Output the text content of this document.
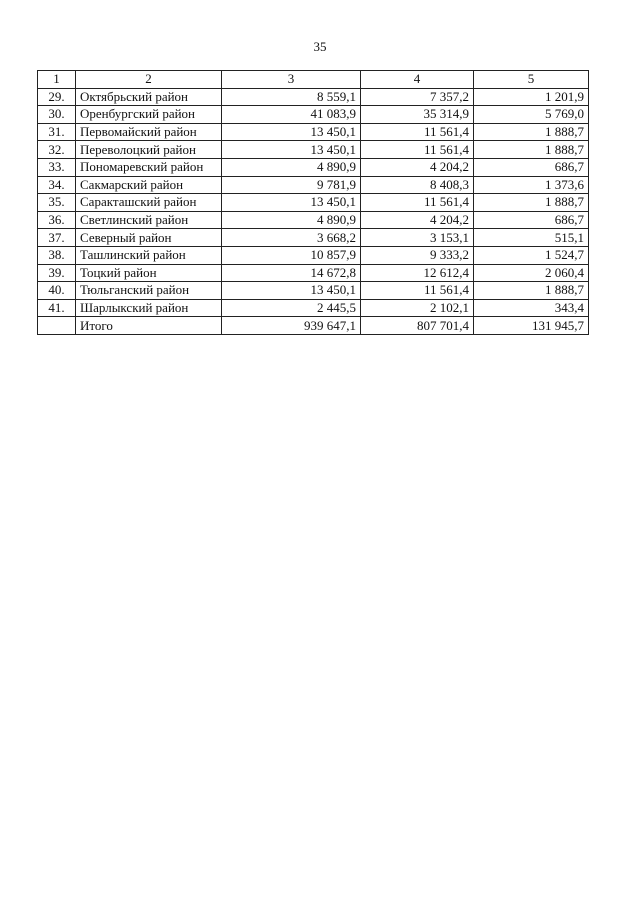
35
1	2	3	4	5
29.	Октябрьский район	8 559,1	7 357,2	1 201,9
30.	Оренбургский район	41 083,9	35 314,9	5 769,0
31.	Первомайский район	13 450,1	11 561,4	1 888,7
32.	Переволоцкий район	13 450,1	11 561,4	1 888,7
33.	Пономаревский район	4 890,9	4 204,2	686,7
34.	Сакмарский район	9 781,9	8 408,3	1 373,6
35.	Саракташский район	13 450,1	11 561,4	1 888,7
36.	Светлинский район	4 890,9	4 204,2	686,7
37.	Северный район	3 668,2	3 153,1	515,1
38.	Ташлинский район	10 857,9	9 333,2	1 524,7
39.	Тоцкий район	14 672,8	12 612,4	2 060,4
40.	Тюльганский район	13 450,1	11 561,4	1 888,7
41.	Шарлыкский район	2 445,5	2 102,1	343,4
	Итого	939 647,1	807 701,4	131 945,7
